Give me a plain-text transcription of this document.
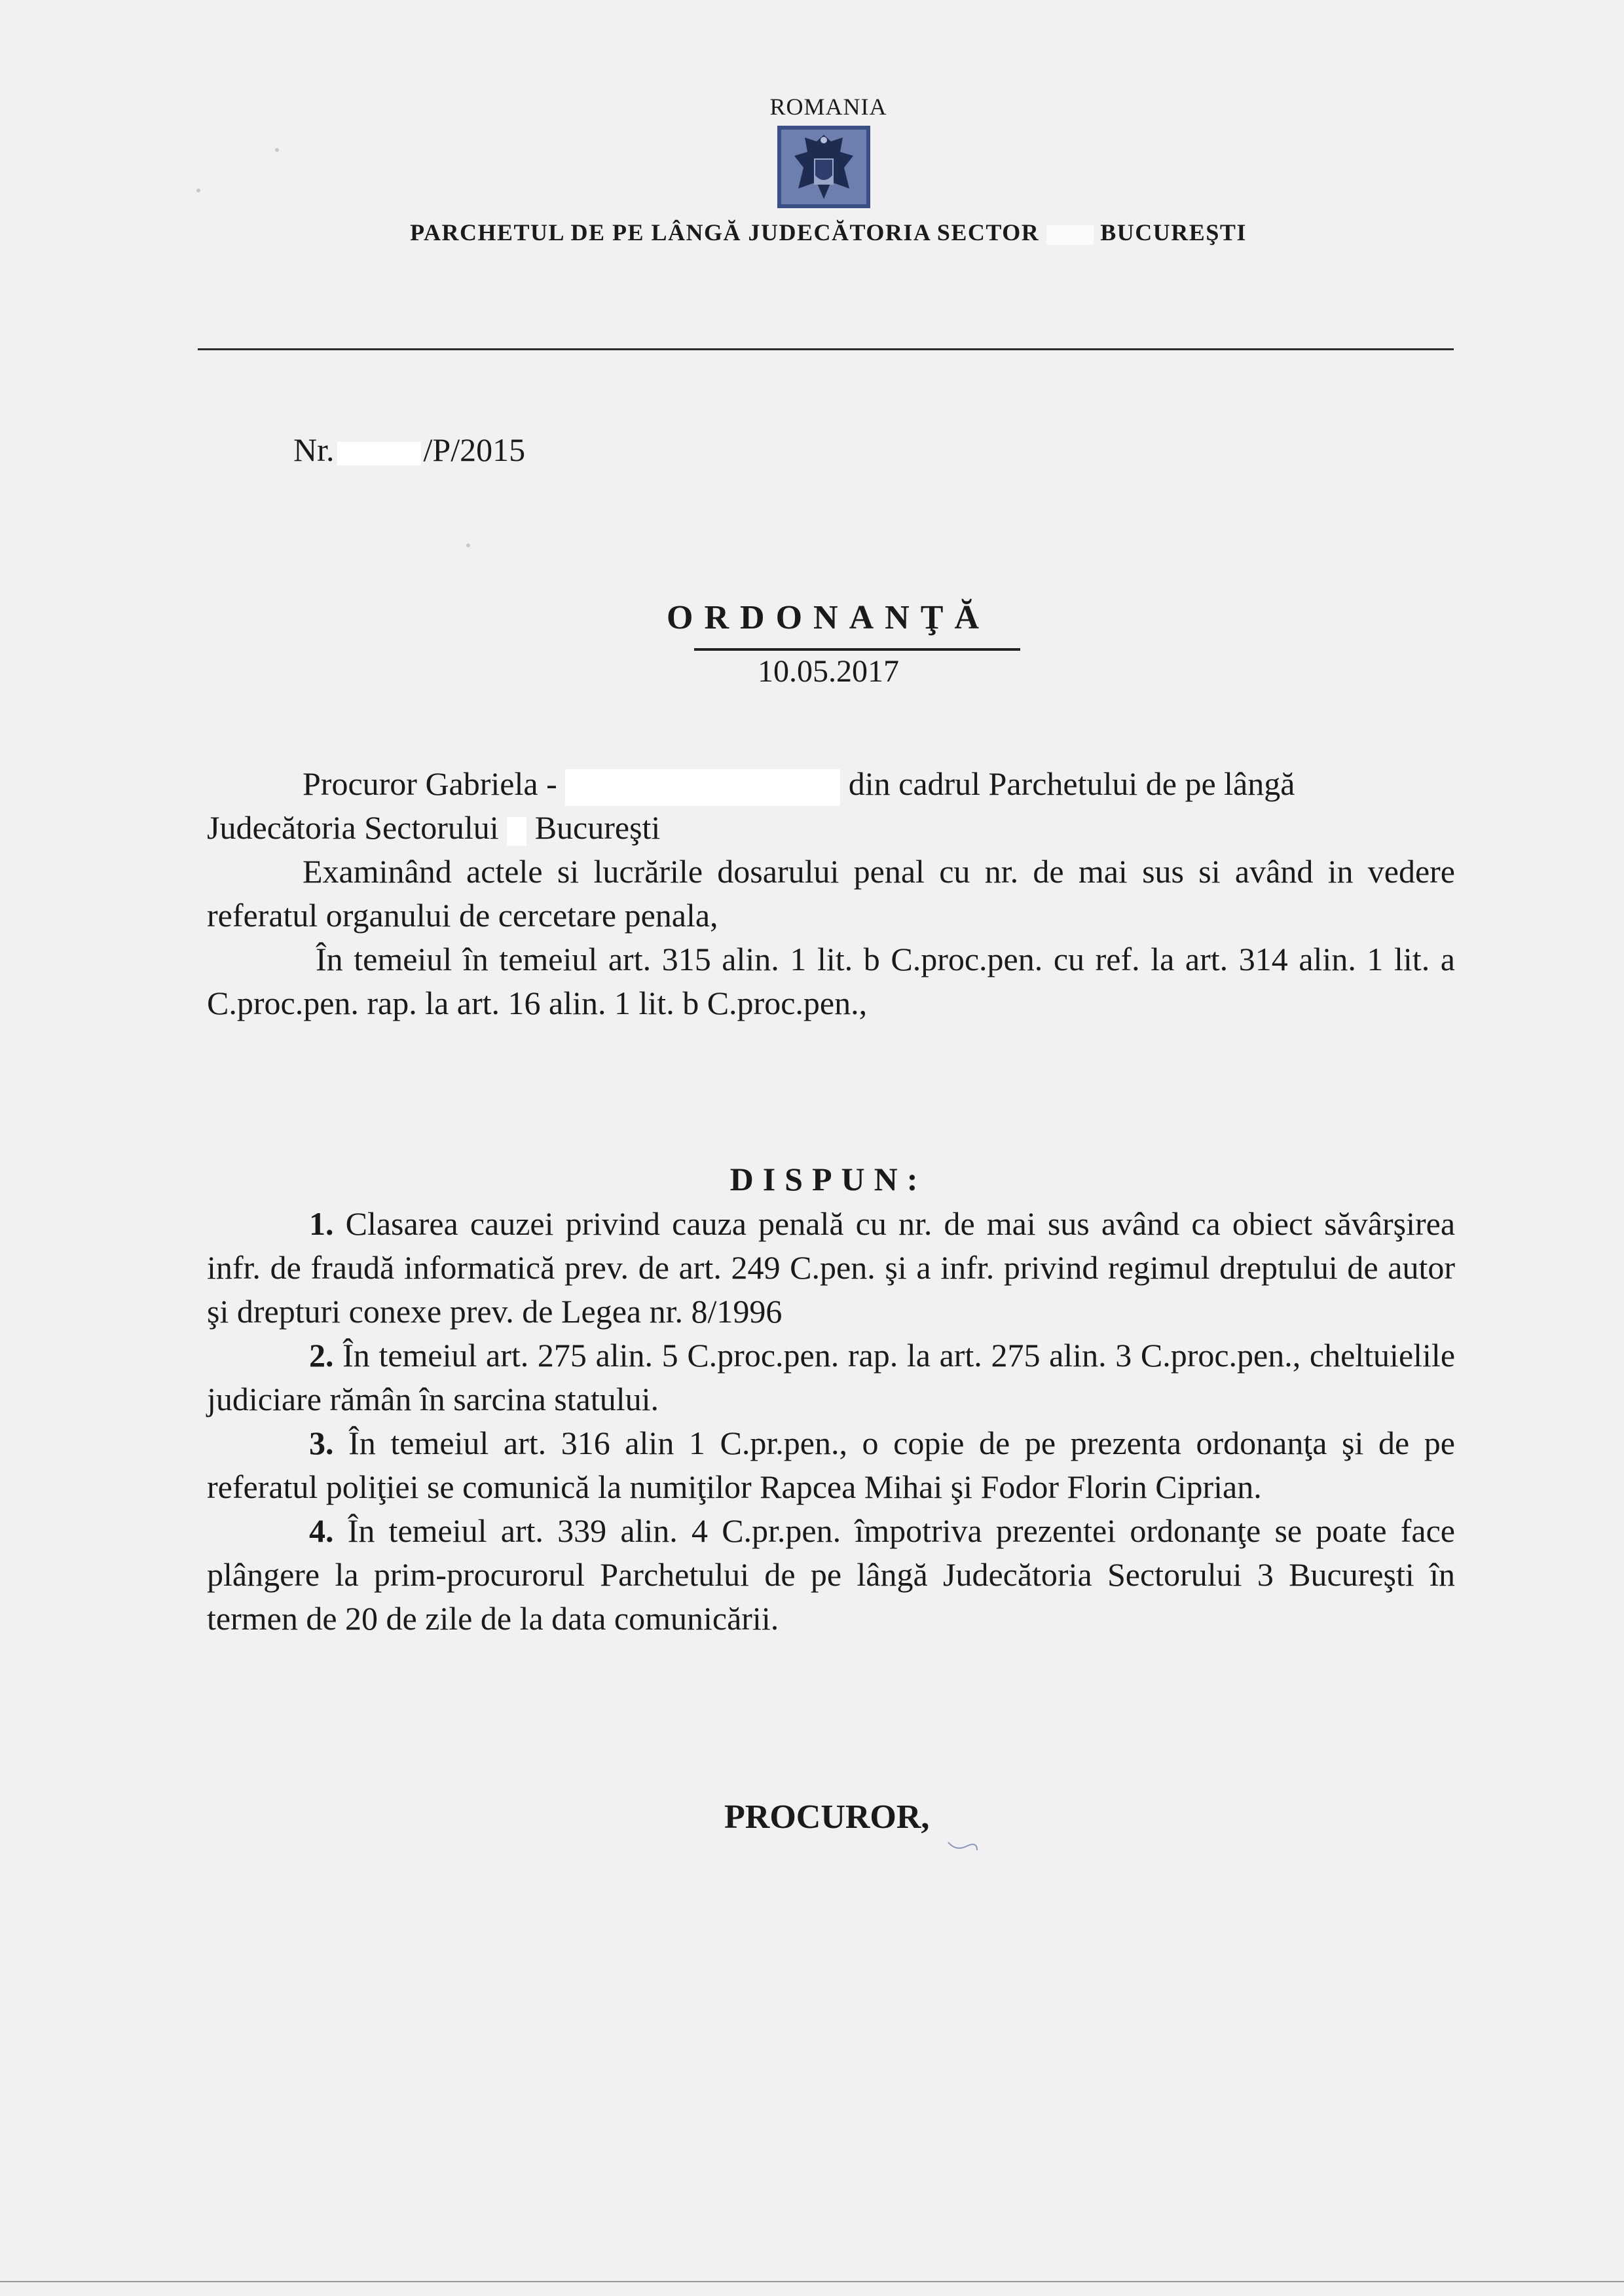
ROMANIA
PARCHETUL DE PE LÂNGĂ JUDECĂTORIA SECTOR	BUCUREŞTI
Nr.	/P/2015
ORDONANŢĂ
10.05.2017
Procuror Gabriela -	din cadrul Parchetului de pe lângă
Judecătoria Sectorului Bucureşti
Examinând actele si lucrările dosarului penal cu nr. de mai sus si având in vedere referatul organului de cercetare penala,
În temeiul în temeiul art. 315 alin. 1 lit. b C.proc.pen. cu ref. la art. 314 alin. 1 lit. a C.proc.pen. rap. la art. 16 alin. 1 lit. b C.proc.pen.,
DISPUN:
1. Clasarea cauzei privind cauza penală cu nr. de mai sus având ca obiect săvârşirea infr. de fraudă informatică prev. de art. 249 C.pen. şi a infr. privind regimul dreptului de autor şi drepturi conexe prev. de Legea nr. 8/1996
2. În temeiul art. 275 alin. 5 C.proc.pen. rap. la art. 275 alin. 3 C.proc.pen., cheltuielile judiciare rămân în sarcina statului.
3. În temeiul art. 316 alin 1 C.pr.pen., o copie de pe prezenta ordonanţa şi de pe referatul poliţiei se comunică la numiţilor Rapcea Mihai şi Fodor Florin Ciprian.
4. În temeiul art. 339 alin. 4 C.pr.pen. împotriva prezentei ordonanţe se poate face plângere la prim-procurorul Parchetului de pe lângă Judecătoria Sectorului 3 Bucureşti în termen de 20 de zile de la data comunicării.
PROCUROR,
